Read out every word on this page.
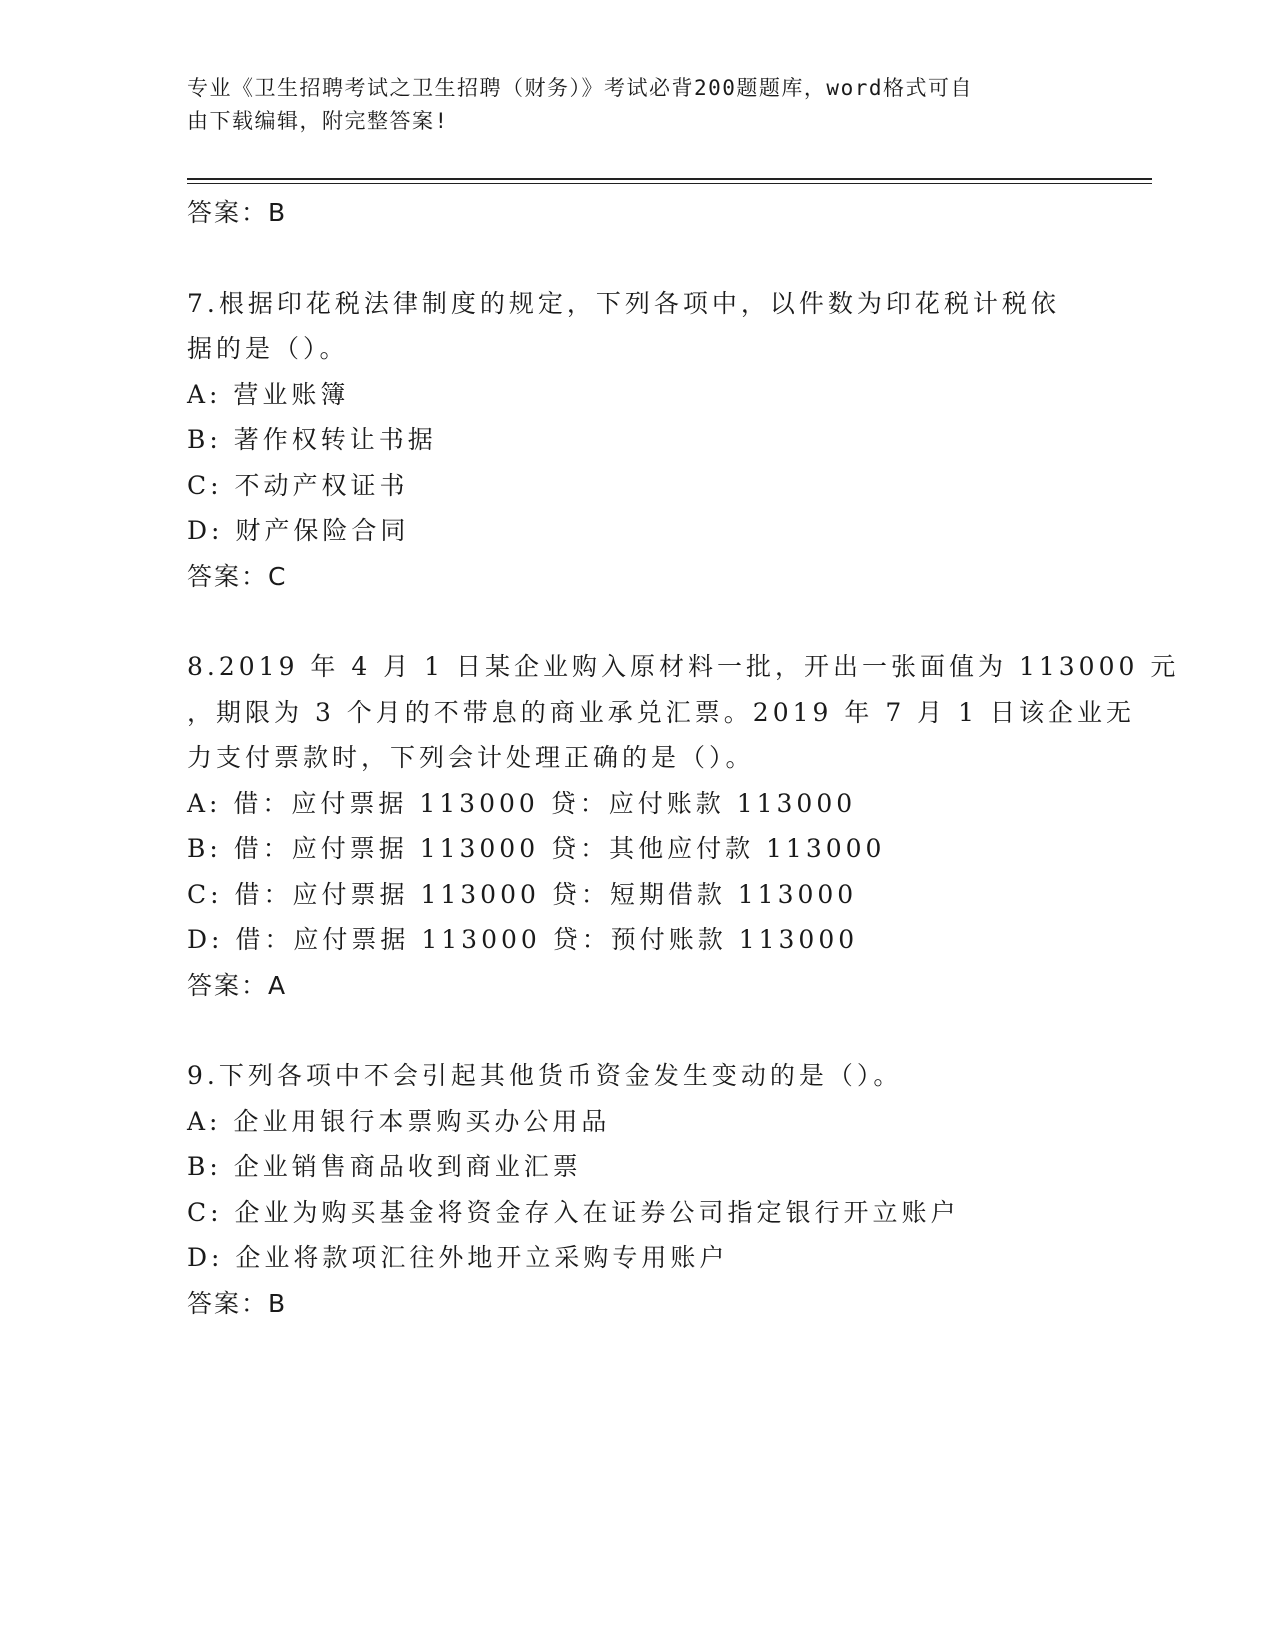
专业《卫生招聘考试之卫生招聘（财务）》考试必背200题题库，word格式可自
由下载编辑，附完整答案!
答案：B
7.根据印花税法律制度的规定，下列各项中，以件数为印花税计税依
据的是（）。
A: 营业账簿
B: 著作权转让书据
C: 不动产权证书
D: 财产保险合同
答案：C
8.2019 年 4 月 1 日某企业购入原材料一批，开出一张面值为 113000 元
，期限为 3 个月的不带息的商业承兑汇票。2019 年 7 月 1 日该企业无
力支付票款时，下列会计处理正确的是（）。
A: 借：应付票据 113000 贷：应付账款 113000
B: 借：应付票据 113000 贷：其他应付款 113000
C: 借：应付票据 113000 贷：短期借款 113000
D: 借：应付票据 113000 贷：预付账款 113000
答案：A
9.下列各项中不会引起其他货币资金发生变动的是（）。
A: 企业用银行本票购买办公用品
B: 企业销售商品收到商业汇票
C: 企业为购买基金将资金存入在证券公司指定银行开立账户
D: 企业将款项汇往外地开立采购专用账户
答案：B
